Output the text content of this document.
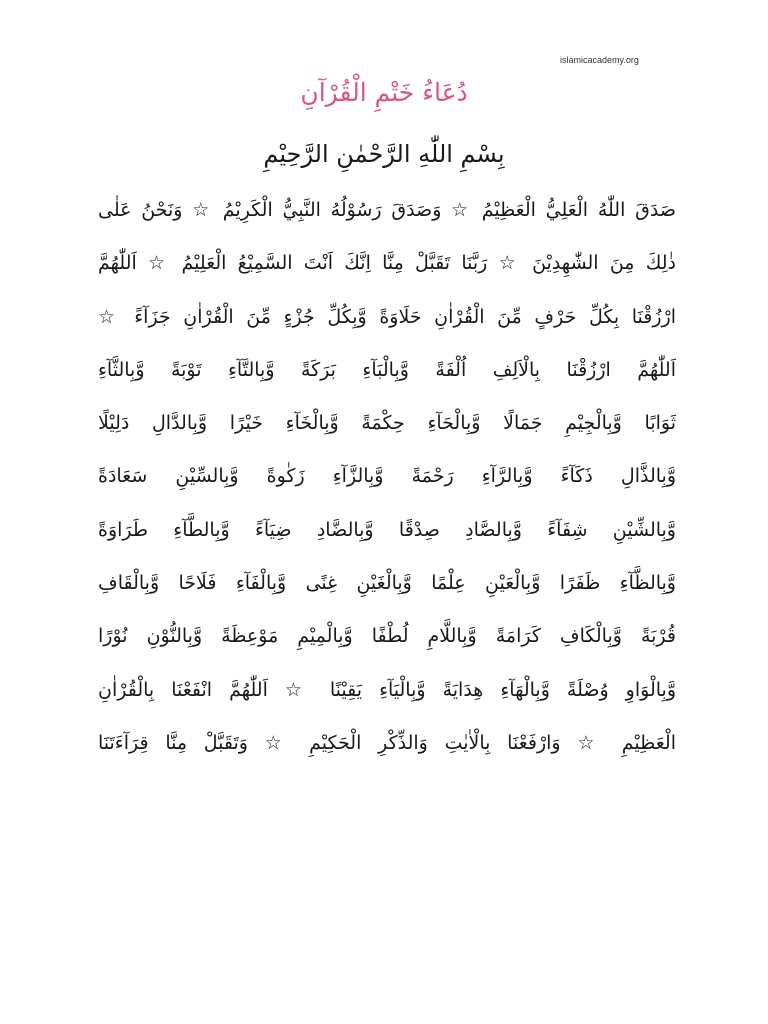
islamicacademy.org
دُعَاءُ خَتْمِ الْقُرْآنِ
بِسْمِ اللّٰهِ الرَّحْمٰنِ الرَّحِيْمِ
صَدَقَ اللّٰهُ الْعَلِيُّ الْعَظِيْمُ ☆ وَصَدَقَ رَسُوْلُهُ النَّبِيُّ الْكَرِيْمُ ☆ وَنَحْنُ عَلٰى
ذٰلِكَ مِنَ الشّٰهِدِيْنَ ☆ رَبَّنَا تَقَبَّلْ مِنَّا اِنَّكَ اَنْتَ السَّمِيْعُ الْعَلِيْمُ ☆ اَللّٰهُمَّ
ارْزُقْنَا بِكُلِّ حَرْفٍ مِّنَ الْقُرْاٰنِ حَلَاوَةً وَّبِكُلِّ جُزْءٍ مِّنَ الْقُرْاٰنِ جَزَآءً ☆
اَللّٰهُمَّ ارْزُقْنَا بِالْاَلِفِ اُلْفَةً وَّبِالْبَآءِ بَرَكَةً وَّبِالتَّآءِ تَوْبَةً وَّبِالثَّآءِ
ثَوَابًا وَّبِالْجِيْمِ جَمَالًا وَّبِالْحَآءِ حِكْمَةً وَّبِالْخَآءِ خَيْرًا وَّبِالدَّالِ دَلِيْلًا
وَّبِالذَّالِ ذَكَآءً وَّبِالرَّآءِ رَحْمَةً وَّبِالزَّآءِ زَكٰوةً وَّبِالسِّيْنِ سَعَادَةً
وَّبِالشِّيْنِ شِفَآءً وَّبِالصَّادِ صِدْقًا وَّبِالضَّادِ ضِيَآءً وَّبِالطَّآءِ طَرَاوَةً
وَّبِالظَّآءِ ظَفَرًا وَّبِالْعَيْنِ عِلْمًا وَّبِالْغَيْنِ غِنًى وَّبِالْفَآءِ فَلَاحًا وَّبِالْقَافِ
قُرْبَةً وَّبِالْكَافِ كَرَامَةً وَّبِاللَّامِ لُطْفًا وَّبِالْمِيْمِ مَوْعِظَةً وَّبِالنُّوْنِ نُوْرًا
وَّبِالْوَاوِ وُصْلَةً وَّبِالْهَآءِ هِدَايَةً وَّبِالْيَآءِ يَقِيْنًا ☆ اَللّٰهُمَّ انْفَعْنَا بِالْقُرْاٰنِ
الْعَظِيْمِ ☆ وَارْفَعْنَا بِالْاٰيٰتِ وَالذِّكْرِ الْحَكِيْمِ ☆ وَتَقَبَّلْ مِنَّا قِرَآءَتَنَا
